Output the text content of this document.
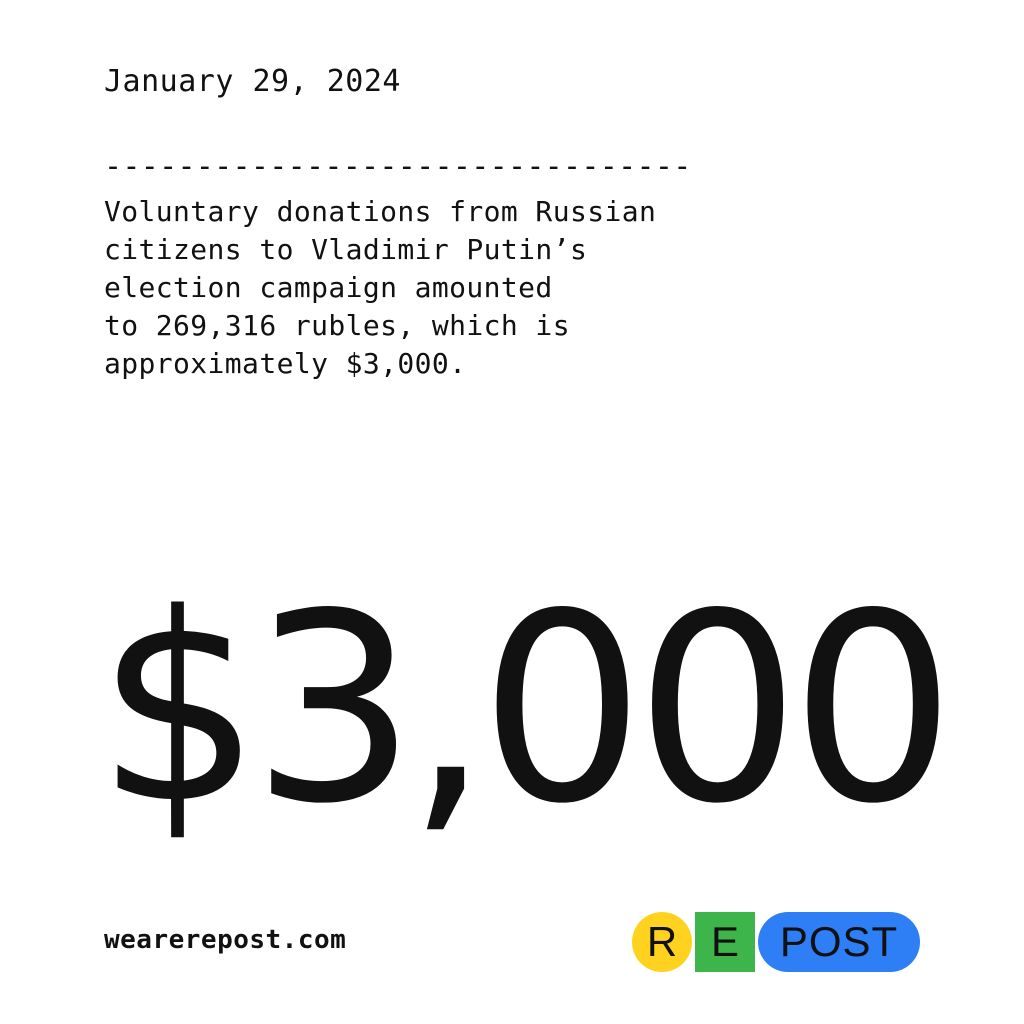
January 29, 2024
--------------------------------
Voluntary donations from Russian
citizens to Vladimir Putin’s
election campaign amounted
to 269,316 rubles, which is
approximately $3,000.
$3,000
wearerepost.com	R E POST
